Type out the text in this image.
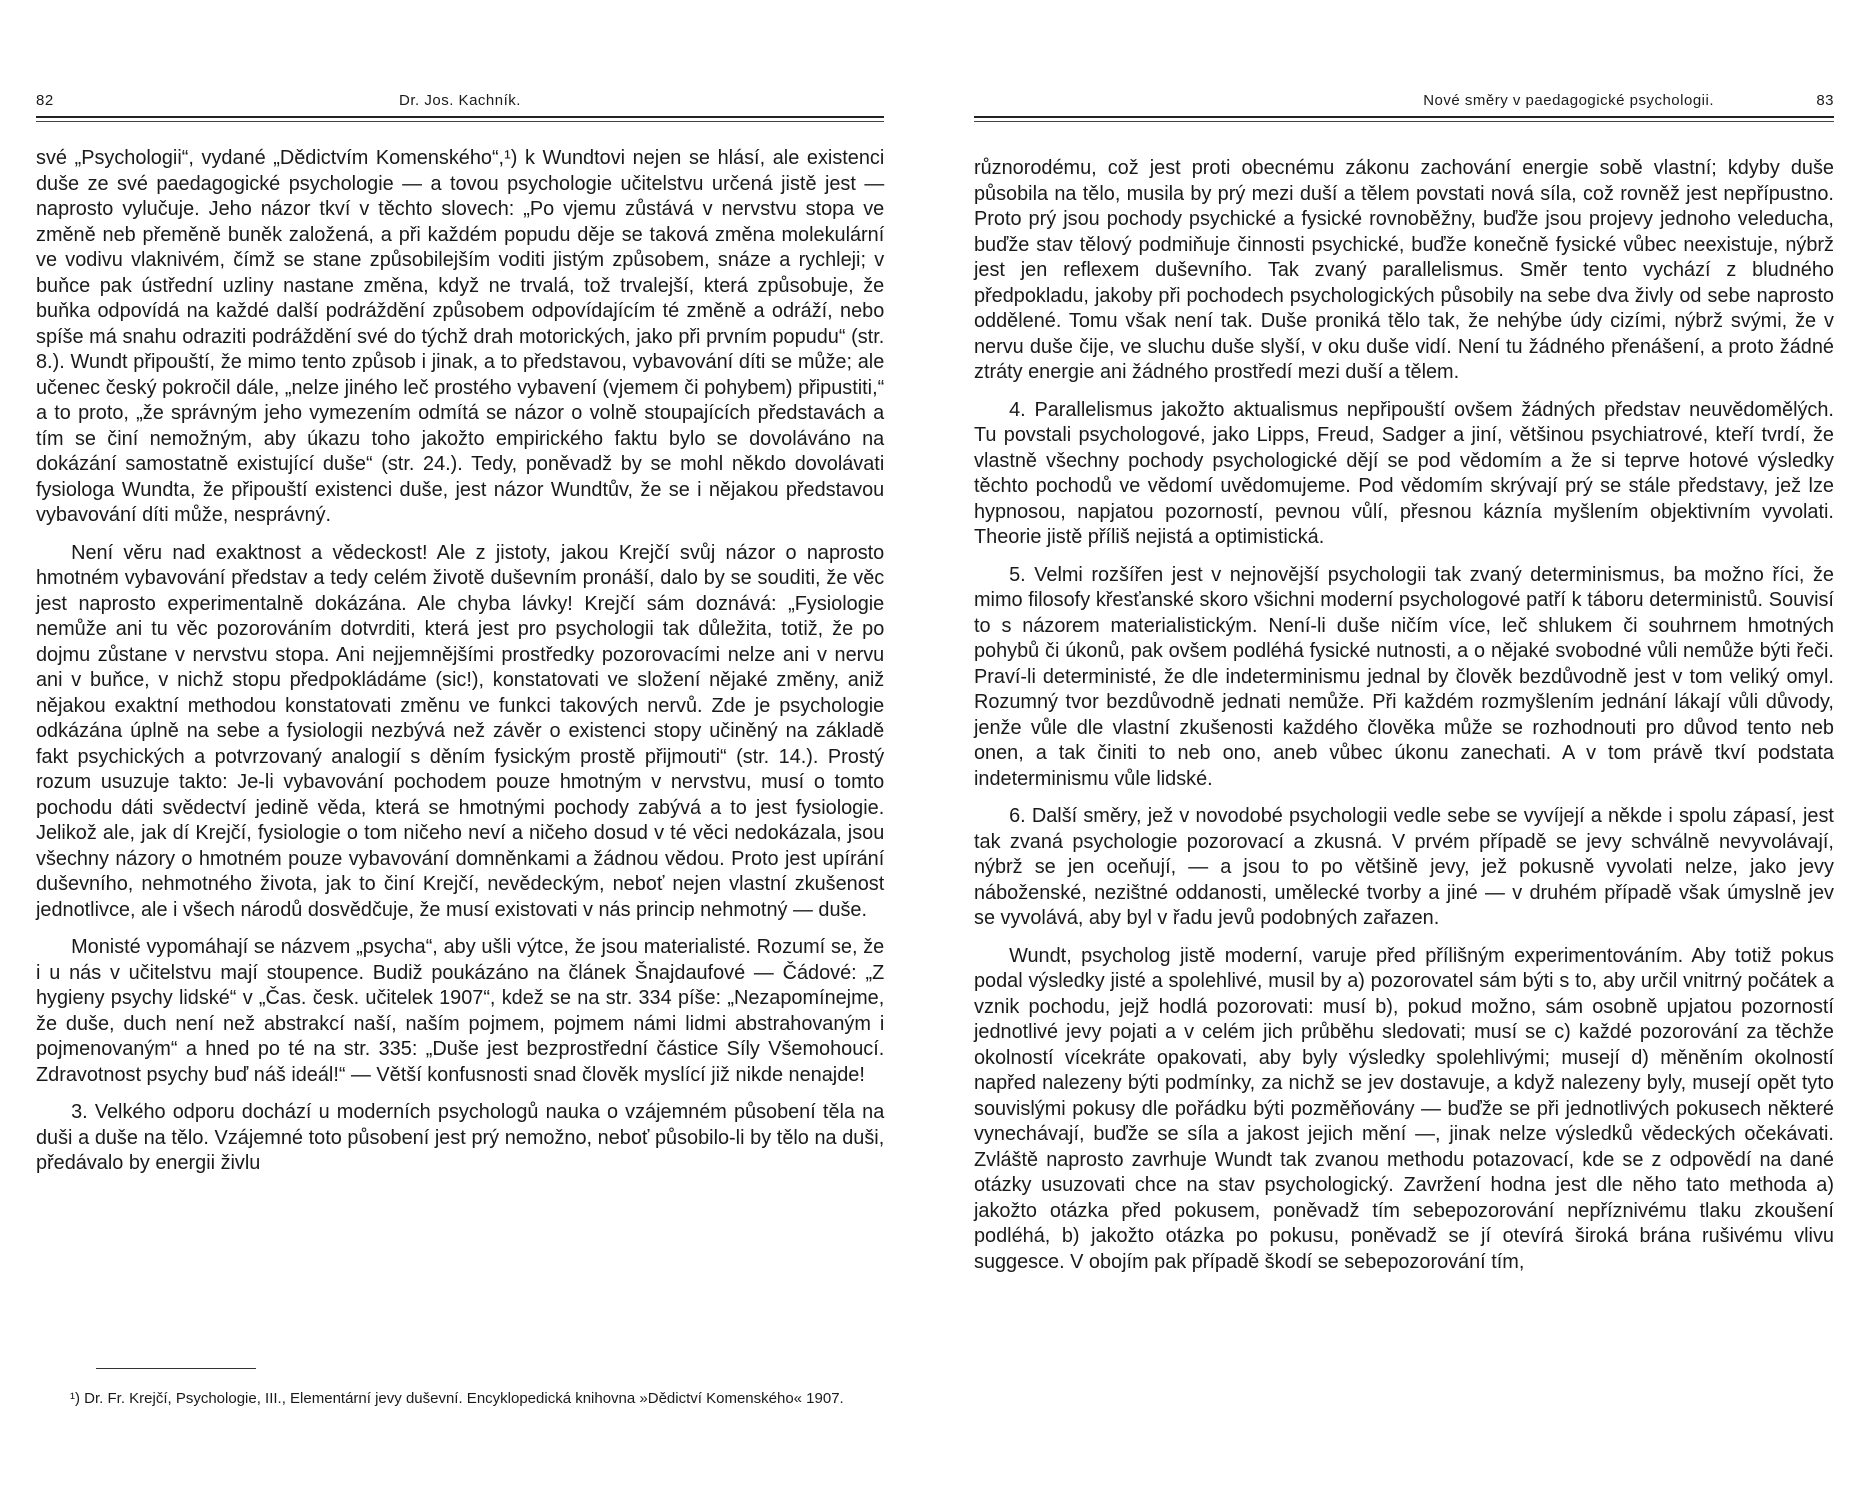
82	Dr. Jos. Kachník.

své „Psychologii“, vydané „Dědictvím Komenského“,¹) k Wundtovi nejen se hlásí, ale existenci duše ze své paedagogické psychologie — a tovou psychologie učitelstvu určená jistě jest — naprosto vylučuje. Jeho názor tkví v těchto slovech: „Po vjemu zůstává v nervstvu stopa ve změně neb přeměně buněk založená, a při každém popudu děje se taková změna molekulární ve vodivu vlaknivém, čímž se stane způsobilejším voditi jistým způsobem, snáze a rychleji; v buňce pak ústřední uzliny nastane změna, když ne trvalá, tož trvalejší, která způsobuje, že buňka odpovídá na každé další podráždění způsobem odpovídajícím té změně a odráží, nebo spíše má snahu odraziti podráždění své do týchž drah motorických, jako při prvním popudu“ (str. 8.). Wundt připouští, že mimo tento způsob i jinak, a to představou, vybavování díti se může; ale učenec český pokročil dále, „nelze jiného leč prostého vybavení (vjemem či pohybem) připustiti,“ a to proto, „že správným jeho vymezením odmítá se názor o volně stoupajících představách a tím se činí nemožným, aby úkazu toho jakožto empirického faktu bylo se dovoláváno na dokázání samostatně existující duše“ (str. 24.). Tedy, poněvadž by se mohl někdo dovolávati fysiologa Wundta, že připouští existenci duše, jest názor Wundtův, že se i nějakou představou vybavování díti může, nesprávný.

Není věru nad exaktnost a vědeckost! Ale z jistoty, jakou Krejčí svůj názor o naprosto hmotném vybavování představ a tedy celém životě duševním pronáší, dalo by se souditi, že věc jest naprosto experimentalně dokázána. Ale chyba lávky! Krejčí sám doznává: „Fysiologie nemůže ani tu věc pozorováním dotvrditi, která jest pro psychologii tak důležita, totiž, že po dojmu zůstane v nervstvu stopa. Ani nejjemnějšími prostředky pozorovacími nelze ani v nervu ani v buňce, v nichž stopu předpokládáme (sic!), konstatovati ve složení nějaké změny, aniž nějakou exaktní methodou konstatovati změnu ve funkci takových nervů. Zde je psychologie odkázána úplně na sebe a fysiologii nezbývá než závěr o existenci stopy učiněný na základě fakt psychických a potvrzovaný analogií s děním fysickým prostě přijmouti“ (str. 14.). Prostý rozum usuzuje takto: Je-li vybavování pochodem pouze hmotným v nervstvu, musí o tomto pochodu dáti svědectví jedině věda, která se hmotnými pochody zabývá a to jest fysiologie. Jelikož ale, jak dí Krejčí, fysiologie o tom ničeho neví a ničeho dosud v té věci nedokázala, jsou všechny názory o hmotném pouze vybavování domněnkami a žádnou vědou. Proto jest upírání duševního, nehmotného života, jak to činí Krejčí, nevědeckým, neboť nejen vlastní zkušenost jednotlivce, ale i všech národů dosvědčuje, že musí existovati v nás princip nehmotný — duše.

Monisté vypomáhají se názvem „psycha“, aby ušli výtce, že jsou materialisté. Rozumí se, že i u nás v učitelstvu mají stoupence. Budiž poukázáno na článek Šnajdaufové — Čádové: „Z hygieny psychy lidské“ v „Čas. česk. učitelek 1907“, kdež se na str. 334 píše: „Nezapomínejme, že duše, duch není než abstrakcí naší, naším pojmem, pojmem námi lidmi abstrahovaným i pojmenovaným“ a hned po té na str. 335: „Duše jest bezprostřední částice Síly Všemohoucí. Zdravotnost psychy buď náš ideál!“ — Větší konfusnosti snad člověk myslící již nikde nenajde!

3. Velkého odporu dochází u moderních psychologů nauka o vzájemném působení těla na duši a duše na tělo. Vzájemné toto působení jest prý nemožno, neboť působilo-li by tělo na duši, předávalo by energii živlu

¹) Dr. Fr. Krejčí, Psychologie, III., Elementární jevy duševní. Encyklopedická knihovna »Dědictví Komenského« 1907.
Nové směry v paedagogické psychologii.	83

různorodému, což jest proti obecnému zákonu zachování energie sobě vlastní; kdyby duše působila na tělo, musila by prý mezi duší a tělem povstati nová síla, což rovněž jest nepřípustno. Proto prý jsou pochody psychické a fysické rovnoběžny, buďže jsou projevy jednoho veleducha, buďže stav tělový podmiňuje činnosti psychické, buďže konečně fysické vůbec neexistuje, nýbrž jest jen reflexem duševního. Tak zvaný parallelismus. Směr tento vychází z bludného předpokladu, jakoby při pochodech psychologických působily na sebe dva živly od sebe naprosto oddělené. Tomu však není tak. Duše proniká tělo tak, že nehýbe údy cizími, nýbrž svými, že v nervu duše čije, ve sluchu duše slyší, v oku duše vidí. Není tu žádného přenášení, a proto žádné ztráty energie ani žádného prostředí mezi duší a tělem.

4. Parallelismus jakožto aktualismus nepřipouští ovšem žádných představ neuvědomělých. Tu povstali psychologové, jako Lipps, Freud, Sadger a jiní, většinou psychiatrové, kteří tvrdí, že vlastně všechny pochody psychologické dějí se pod vědomím a že si teprve hotové výsledky těchto pochodů ve vědomí uvědomujeme. Pod vědomím skrývají prý se stále představy, jež lze hypnosou, napjatou pozorností, pevnou vůlí, přesnou káznía myšlením objektivním vyvolati. Theorie jistě příliš nejistá a optimistická.

5. Velmi rozšířen jest v nejnovější psychologii tak zvaný determinismus, ba možno říci, že mimo filosofy křesťanské skoro všichni moderní psychologové patří k táboru deterministů. Souvisí to s názorem materialistickým. Není-li duše ničím více, leč shlukem či souhrnem hmotných pohybů či úkonů, pak ovšem podléhá fysické nutnosti, a o nějaké svobodné vůli nemůže býti řeči. Praví-li deterministé, že dle indeterminismu jednal by člověk bezdůvodně jest v tom veliký omyl. Rozumný tvor bezdůvodně jednati nemůže. Při každém rozmyšlením jednání lákají vůli důvody, jenže vůle dle vlastní zkušenosti každého člověka může se rozhodnouti pro důvod tento neb onen, a tak činiti to neb ono, aneb vůbec úkonu zanechati. A v tom právě tkví podstata indeterminismu vůle lidské.

6. Další směry, jež v novodobé psychologii vedle sebe se vyvíjejí a někde i spolu zápasí, jest tak zvaná psychologie pozorovací a zkusná. V prvém případě se jevy schválně nevyvolávají, nýbrž se jen oceňují, — a jsou to po většině jevy, jež pokusně vyvolati nelze, jako jevy náboženské, nezištné oddanosti, umělecké tvorby a jiné — v druhém případě však úmyslně jev se vyvolává, aby byl v řadu jevů podobných zařazen.

Wundt, psycholog jistě moderní, varuje před přílišným experimentováním. Aby totiž pokus podal výsledky jisté a spolehlivé, musil by a) pozorovatel sám býti s to, aby určil vnitrný počátek a vznik pochodu, jejž hodlá pozorovati: musí b), pokud možno, sám osobně upjatou pozorností jednotlivé jevy pojati a v celém jich průběhu sledovati; musí se c) každé pozorování za těchže okolností vícekráte opakovati, aby byly výsledky spolehlivými; musejí d) měněním okolností napřed nalezeny býti podmínky, za nichž se jev dostavuje, a když nalezeny byly, musejí opět tyto souvislými pokusy dle pořádku býti pozměňovány — buďže se při jednotlivých pokusech některé vynechávají, buďže se síla a jakost jejich mění —, jinak nelze výsledků vědeckých očekávati. Zvláště naprosto zavrhuje Wundt tak zvanou methodu potazovací, kde se z odpovědí na dané otázky usuzovati chce na stav psychologický. Zavržení hodna jest dle něho tato methoda a) jakožto otázka před pokusem, poněvadž tím sebepozorování nepříznivému tlaku zkoušení podléhá, b) jakožto otázka po pokusu, poněvadž se jí otevírá široká brána rušivému vlivu suggesce. V obojím pak případě škodí se sebepozorování tím,
